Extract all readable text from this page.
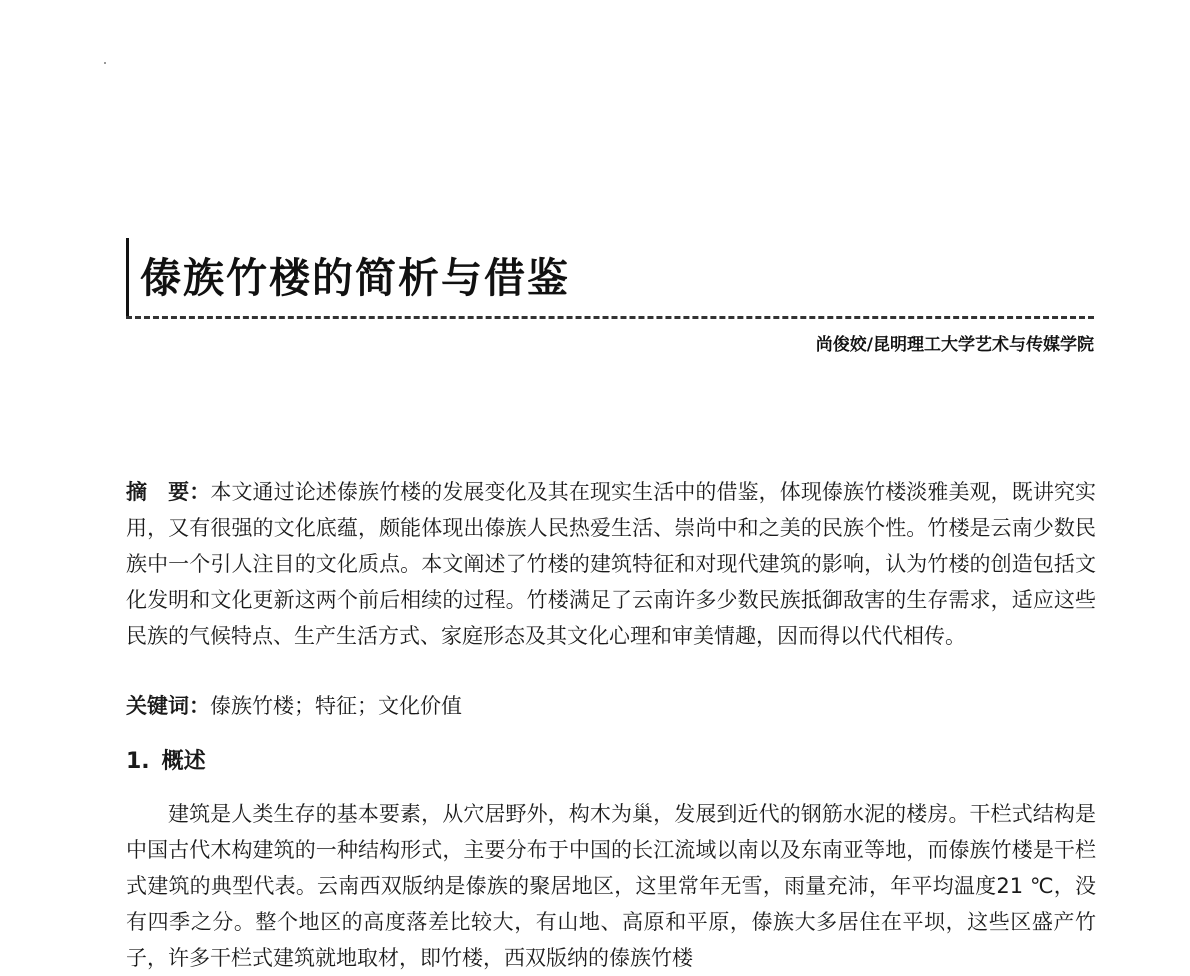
傣族竹楼的简析与借鉴
尚俊姣/昆明理工大学艺术与传媒学院

摘　要：本文通过论述傣族竹楼的发展变化及其在现实生活中的借鉴，体现傣族竹楼淡雅美观，既讲究实用，又有很强的文化底蕴，颇能体现出傣族人民热爱生活、崇尚中和之美的民族个性。竹楼是云南少数民族中一个引人注目的文化质点。本文阐述了竹楼的建筑特征和对现代建筑的影响，认为竹楼的创造包括文化发明和文化更新这两个前后相续的过程。竹楼满足了云南许多少数民族抵御敌害的生存需求，适应这些民族的气候特点、生产生活方式、家庭形态及其文化心理和审美情趣，因而得以代代相传。

关键词：傣族竹楼；特征；文化价值

1. 概述

建筑是人类生存的基本要素，从穴居野外，构木为巢，发展到近代的钢筋水泥的楼房。干栏式结构是中国古代木构建筑的一种结构形式，主要分布于中国的长江流域以南以及东南亚等地，而傣族竹楼是干栏式建筑的典型代表。云南西双版纳是傣族的聚居地区，这里常年无雪，雨量充沛，年平均温度21 ℃，没有四季之分。整个地区的高度落差比较大，有山地、高原和平原，傣族大多居住在平坝，这些区盛产竹子，许多干栏式建筑就地取材，即竹楼，西双版纳的傣族竹楼
